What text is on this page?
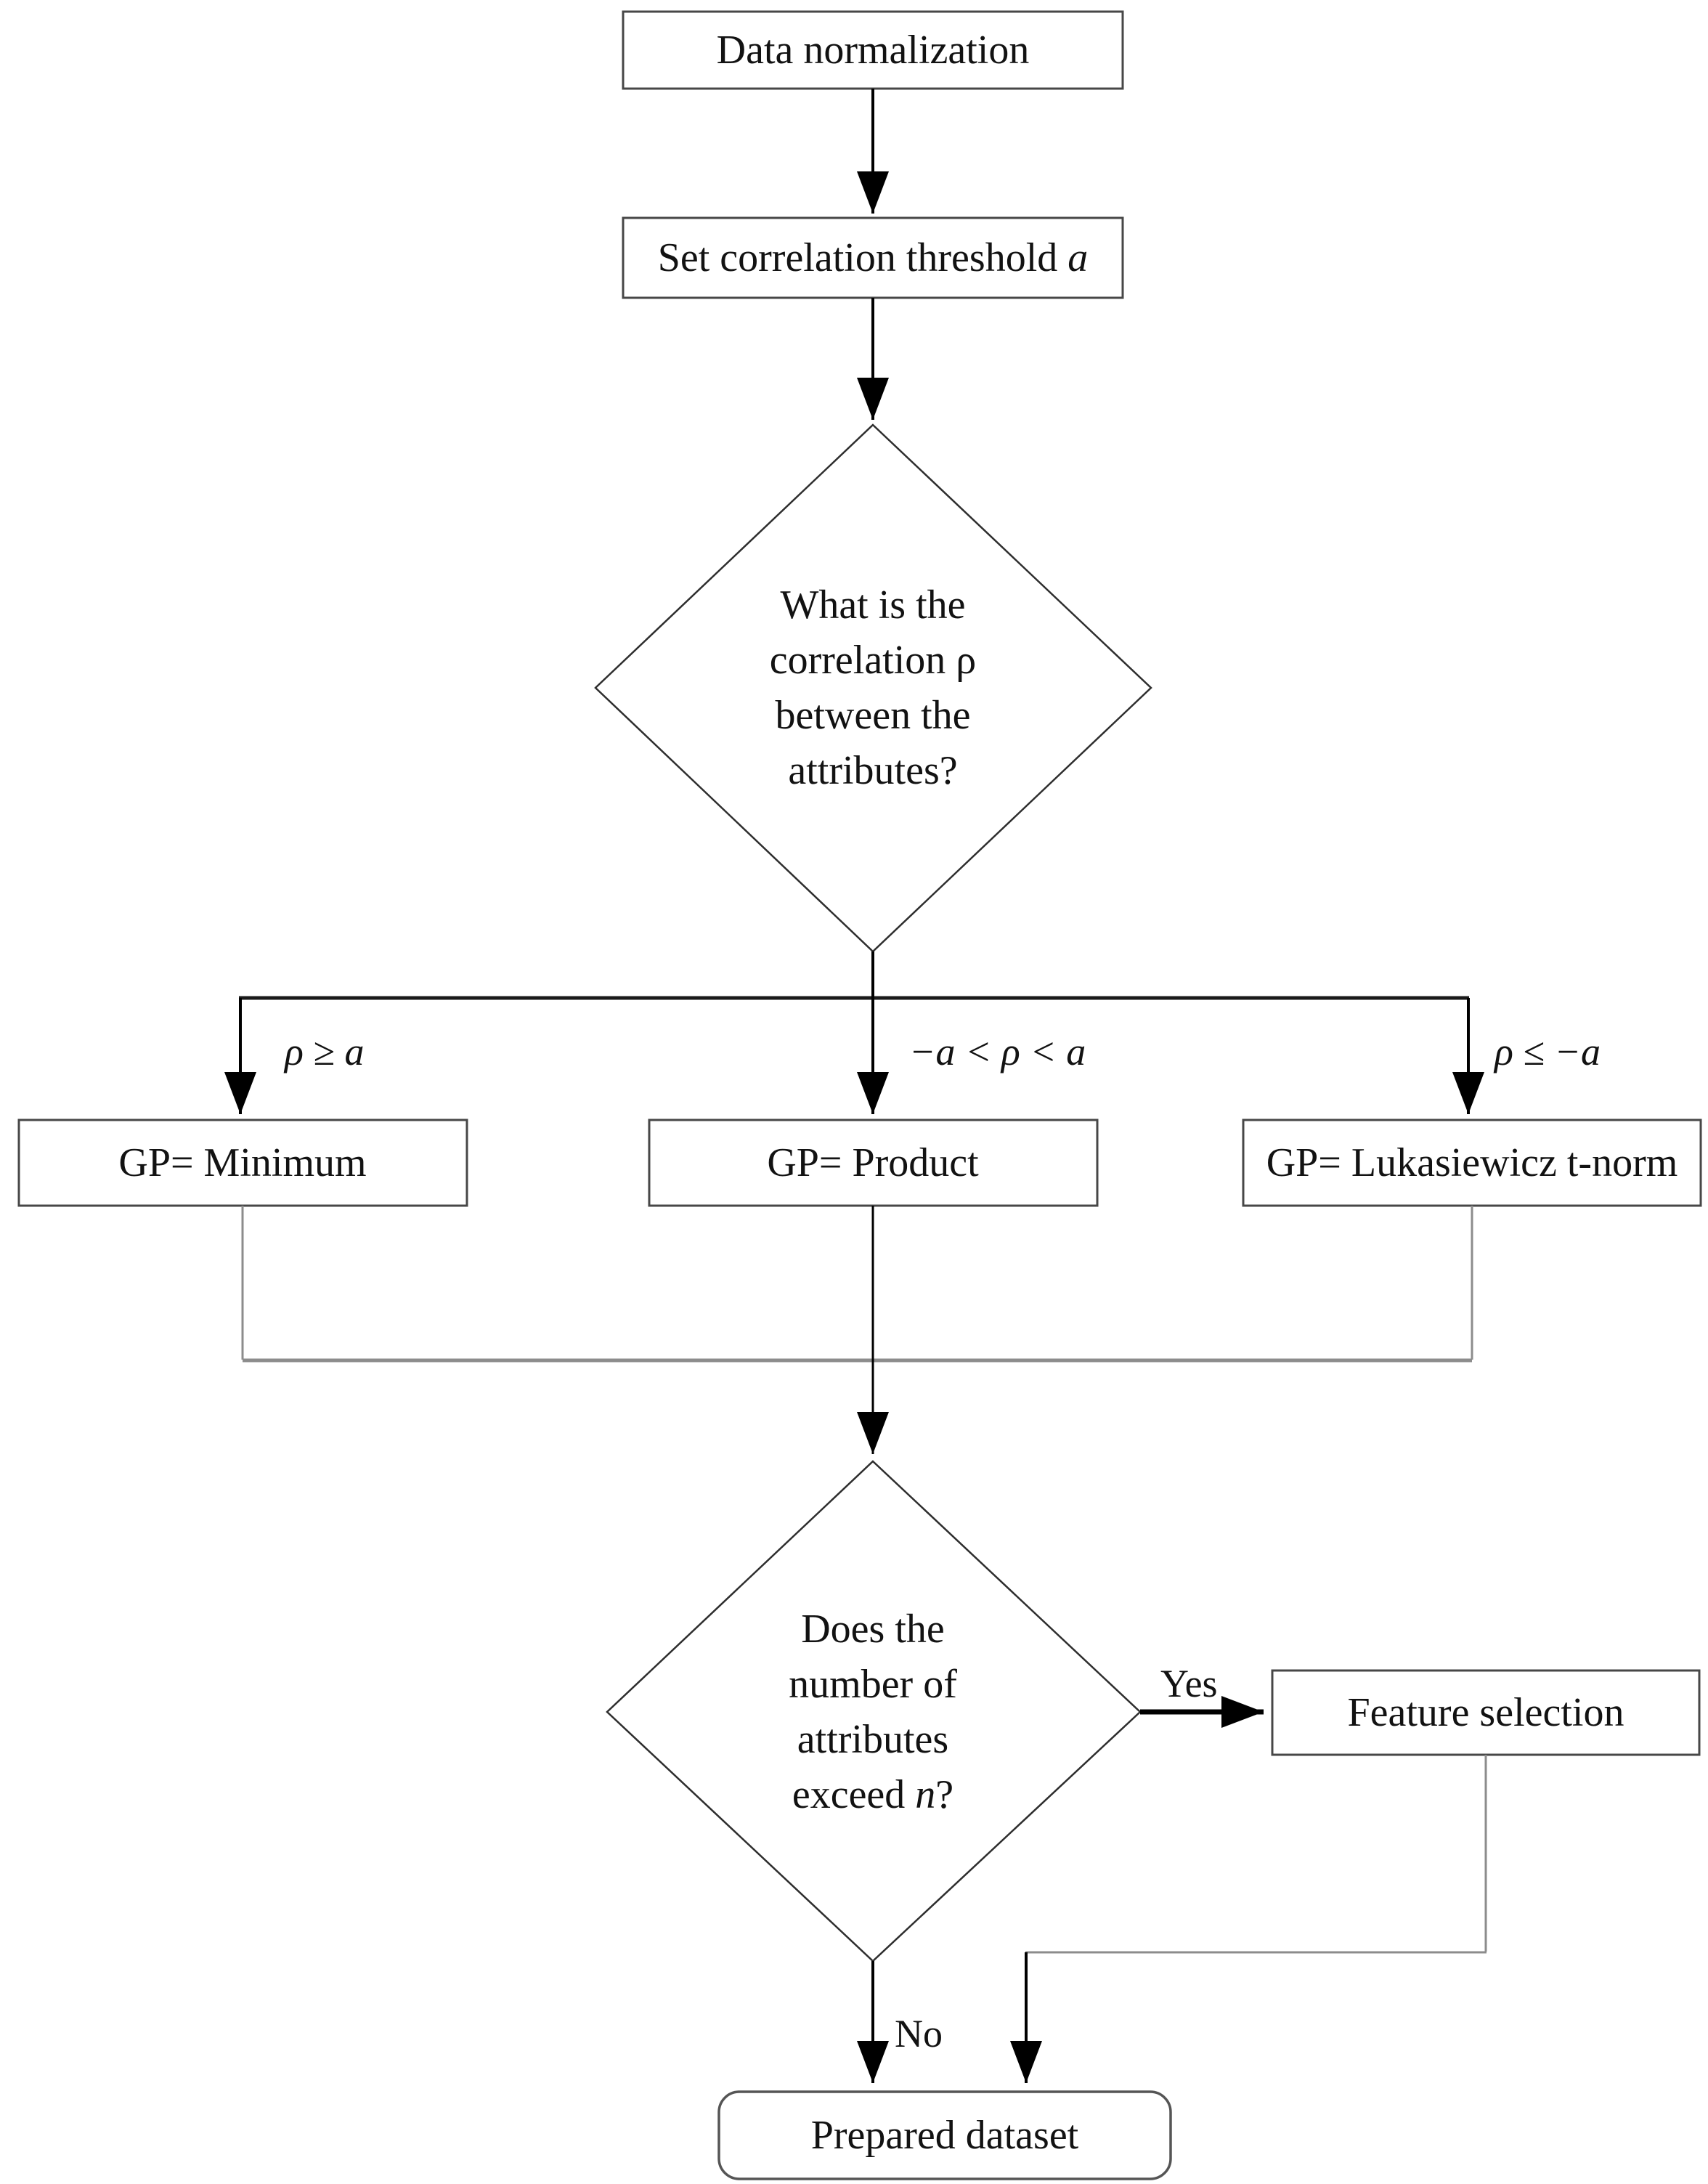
Data normalization
Set correlation threshold a
What is the
correlation ρ
between the
attributes?
ρ ≥ a	−a < ρ < a	ρ ≤ −a
GP= Minimum	GP= Product	GP= Lukasiewicz t-norm
Does the
number of
attributes
exceed n?
Yes
Feature selection
No
Prepared dataset
